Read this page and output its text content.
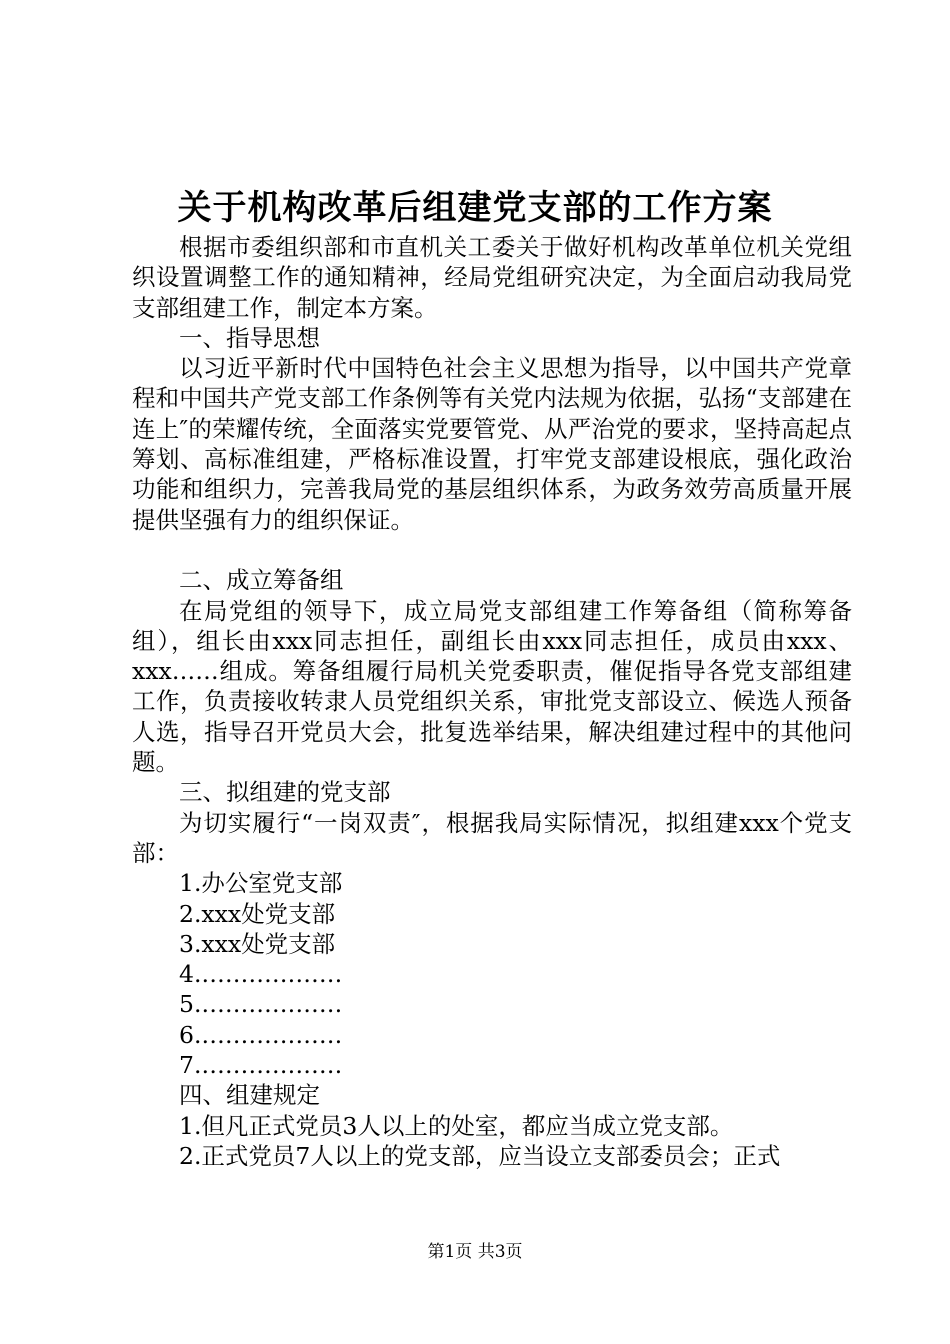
关于机构改革后组建党支部的工作方案

根据市委组织部和市直机关工委关于做好机构改革单位机关党组织设置调整工作的通知精神，经局党组研究决定，为全面启动我局党支部组建工作，制定本方案。

一、指导思想

以习近平新时代中国特色社会主义思想为指导，以中国共产党章程和中国共产党支部工作条例等有关党内法规为依据，弘扬“支部建在连上″的荣耀传统，全面落实党要管党、从严治党的要求，坚持高起点筹划、高标准组建，严格标准设置，打牢党支部建设根底，强化政治功能和组织力，完善我局党的基层组织体系，为政务效劳高质量开展提供坚强有力的组织保证。

二、成立筹备组

在局党组的领导下，成立局党支部组建工作筹备组（简称筹备组），组长由xxx同志担任，副组长由xxx同志担任，成员由xxx、xxx……组成。筹备组履行局机关党委职责，催促指导各党支部组建工作，负责接收转隶人员党组织关系，审批党支部设立、候选人预备人选，指导召开党员大会，批复选举结果，解决组建过程中的其他问题。

三、拟组建的党支部

为切实履行“一岗双责″，根据我局实际情况，拟组建xxx个党支部：

1.办公室党支部

2.xxx处党支部

3.xxx处党支部

4.………………

5.………………

6.………………

7.………………

四、组建规定

1.但凡正式党员3人以上的处室，都应当成立党支部。

2.正式党员7人以上的党支部，应当设立支部委员会；正式

第1页 共3页
